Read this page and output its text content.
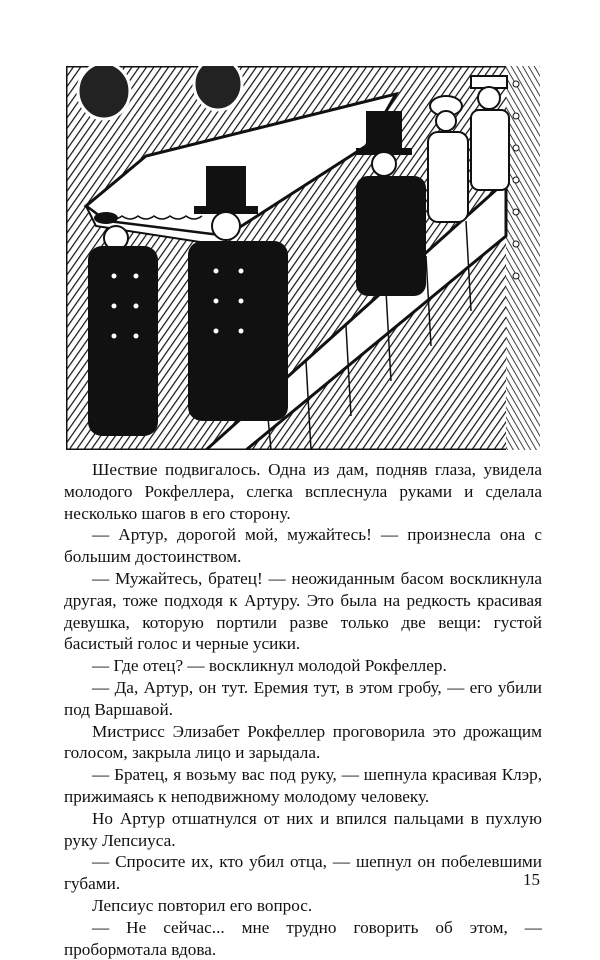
Шествие подвигалось. Одна из дам, подняв глаза, увидела молодого Рокфеллера, слегка всплеснула руками и сделала несколько шагов в его сторону.

— Артур, дорогой мой, мужайтесь! — произнесла она с большим достоинством.

— Мужайтесь, братец! — неожиданным басом воскликнула другая, тоже подходя к Артуру. Это была на редкость красивая девушка, которую портили разве только две вещи: густой басистый голос и черные усики.

— Где отец? — воскликнул молодой Рокфеллер.

— Да, Артур, он тут. Еремия тут, в этом гробу, — его убили под Варшавой.

Мистрисс Элизабет Рокфеллер проговорила это дрожащим голосом, закрыла лицо и зарыдала.

— Братец, я возьму вас под руку, — шепнула красивая Клэр, прижимаясь к неподвижному молодому человеку.

Но Артур отшатнулся от них и впился пальцами в пухлую руку Лепсиуса.

— Спросите их, кто убил отца, — шепнул он побелевшими губами.

Лепсиус повторил его вопрос.

— Не сейчас... мне трудно говорить об этом, — пробормотала вдова.

15
